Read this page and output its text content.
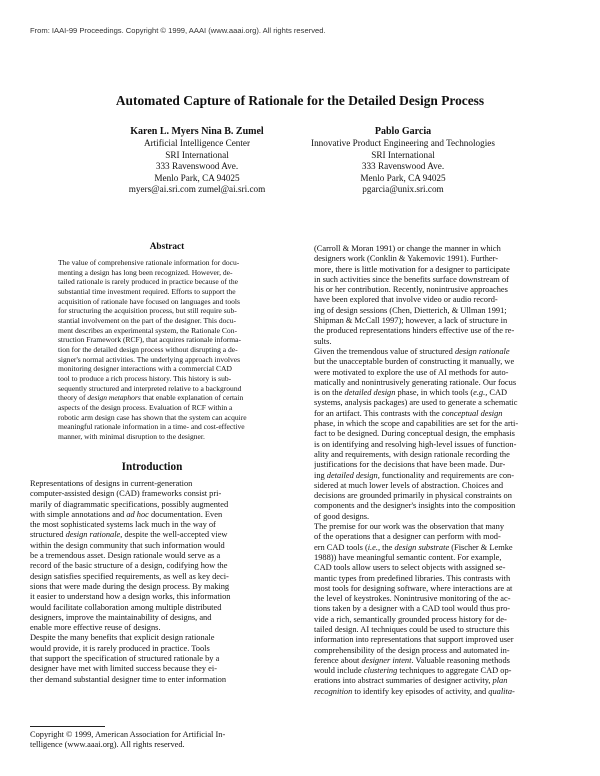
From: IAAI-99 Proceedings. Copyright © 1999, AAAI (www.aaai.org). All rights reserved.
Automated Capture of Rationale for the Detailed Design Process
Karen L. Myers Nina B. Zumel
Artificial Intelligence Center
SRI International
333 Ravenswood Ave.
Menlo Park, CA 94025
myers@ai.sri.com zumel@ai.sri.com
Pablo Garcia
Innovative Product Engineering and Technologies
SRI International
333 Ravenswood Ave.
Menlo Park, CA 94025
pgarcia@unix.sri.com
Abstract
The value of comprehensive rationale information for docu-
menting a design has long been recognized. However, de-
tailed rationale is rarely produced in practice because of the
substantial time investment required. Efforts to support the
acquisition of rationale have focused on languages and tools
for structuring the acquisition process, but still require sub-
stantial involvement on the part of the designer. This docu-
ment describes an experimental system, the Rationale Con-
struction Framework (RCF), that acquires rationale informa-
tion for the detailed design process without disrupting a de-
signer's normal activities. The underlying approach involves
monitoring designer interactions with a commercial CAD
tool to produce a rich process history. This history is sub-
sequently structured and interpreted relative to a background
theory of design metaphors that enable explanation of certain
aspects of the design process. Evaluation of RCF within a
robotic arm design case has shown that the system can acquire
meaningful rationale information in a time- and cost-effective
manner, with minimal disruption to the designer.
Introduction
Representations of designs in current-generation
computer-assisted design (CAD) frameworks consist pri-
marily of diagrammatic specifications, possibly augmented
with simple annotations and ad hoc documentation. Even
the most sophisticated systems lack much in the way of
structured design rationale, despite the well-accepted view
within the design community that such information would
be a tremendous asset. Design rationale would serve as a
record of the basic structure of a design, codifying how the
design satisfies specified requirements, as well as key deci-
sions that were made during the design process. By making
it easier to understand how a design works, this information
would facilitate collaboration among multiple distributed
designers, improve the maintainability of designs, and
enable more effective reuse of designs.
Despite the many benefits that explicit design rationale
would provide, it is rarely produced in practice. Tools
that support the specification of structured rationale by a
designer have met with limited success because they ei-
ther demand substantial designer time to enter information
(Carroll & Moran 1991) or change the manner in which
designers work (Conklin & Yakemovic 1991). Further-
more, there is little motivation for a designer to participate
in such activities since the benefits surface downstream of
his or her contribution. Recently, nonintrusive approaches
have been explored that involve video or audio record-
ing of design sessions (Chen, Dietterich, & Ullman 1991;
Shipman & McCall 1997); however, a lack of structure in
the produced representations hinders effective use of the re-
sults.
Given the tremendous value of structured design rationale
but the unacceptable burden of constructing it manually, we
were motivated to explore the use of AI methods for auto-
matically and nonintrusively generating rationale. Our focus
is on the detailed design phase, in which tools (e.g., CAD
systems, analysis packages) are used to generate a schematic
for an artifact. This contrasts with the conceptual design
phase, in which the scope and capabilities are set for the arti-
fact to be designed. During conceptual design, the emphasis
is on identifying and resolving high-level issues of function-
ality and requirements, with design rationale recording the
justifications for the decisions that have been made. Dur-
ing detailed design, functionality and requirements are con-
sidered at much lower levels of abstraction. Choices and
decisions are grounded primarily in physical constraints on
components and the designer's insights into the composition
of good designs.
The premise for our work was the observation that many
of the operations that a designer can perform with mod-
ern CAD tools (i.e., the design substrate (Fischer & Lemke
1988)) have meaningful semantic content. For example,
CAD tools allow users to select objects with assigned se-
mantic types from predefined libraries. This contrasts with
most tools for designing software, where interactions are at
the level of keystrokes. Nonintrusive monitoring of the ac-
tions taken by a designer with a CAD tool would thus pro-
vide a rich, semantically grounded process history for de-
tailed design. AI techniques could be used to structure this
information into representations that support improved user
comprehensibility of the design process and automated in-
ference about designer intent. Valuable reasoning methods
would include clustering techniques to aggregate CAD op-
erations into abstract summaries of designer activity, plan
recognition to identify key episodes of activity, and qualita-
Copyright © 1999, American Association for Artificial In-
telligence (www.aaai.org). All rights reserved.
